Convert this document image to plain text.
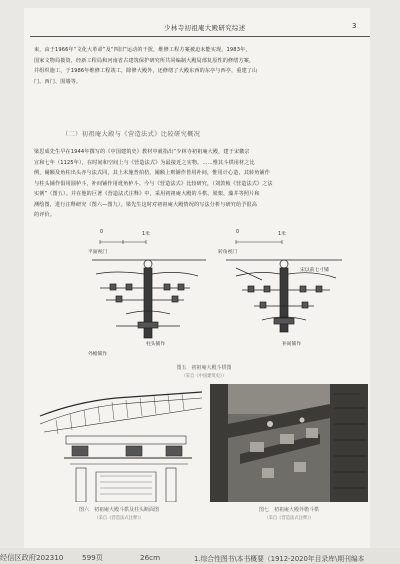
少林寺初祖庵大殿研究综述	3

束，由于1966年“文化大革命”及“四旧”运动的干扰，维修工程方案被迫未能实现。1983年，

国家文物局拨资，经新工程局和河南省古建筑保护研究所共同编制大殿局部复原性的修缮方案，

并组织施工，于1986年维修工程竣工，除修大殿外，还修缮了大殿东西的东亭与西亭，重建了山

门、西门、围墙等。

（二）初祖庵大殿与《营造法式》比较研究概况

梁思成先生早在1944年撰写的《中国建筑史》教材中就指出“少林寺初祖庵大殿，建于宋徽宗

宣和七年（1125年），在时间和空间上与《营造法式》为最接近之实物。……惟其斗栱用材之比

例，阑额及角柱出头亦与法式同，其上未施普拍枋，阑额上则铺作皆用补间，惟用计心造，其转角铺作

与柱头铺作俱用圆栌斗，补间铺作用讹角栌斗。今与《营造法式》比较研究，（刘敦桢《营造法式》之法

实例”（图五）。并在他的巨著《营造法式注释》中，采用初祖庵大殿的斗栱、梁架、藻井等照片和

测绘图，进行注释研究（图六—图九）。梁先生这时对初祖庵大殿情况的写法分析与研究给予很高

的评价。

0	1米	0	1米
平面视门	转角视门
宋以前七寸铺
柱头铺作	补间铺作
外檐铺作
图五　初祖庵大殿斗栱图
（采自《中国建筑史》）
图六　初祖庵大殿斗栱及柱头断面图
（采自《营造法式注释》）
图七　初祖庵大殿外檐斗栱
（采自《营造法式注释》）
经信区政府202310	599页	26cm	1.综合性图书\本书概要（1912-2020年目录库\期刊编本
